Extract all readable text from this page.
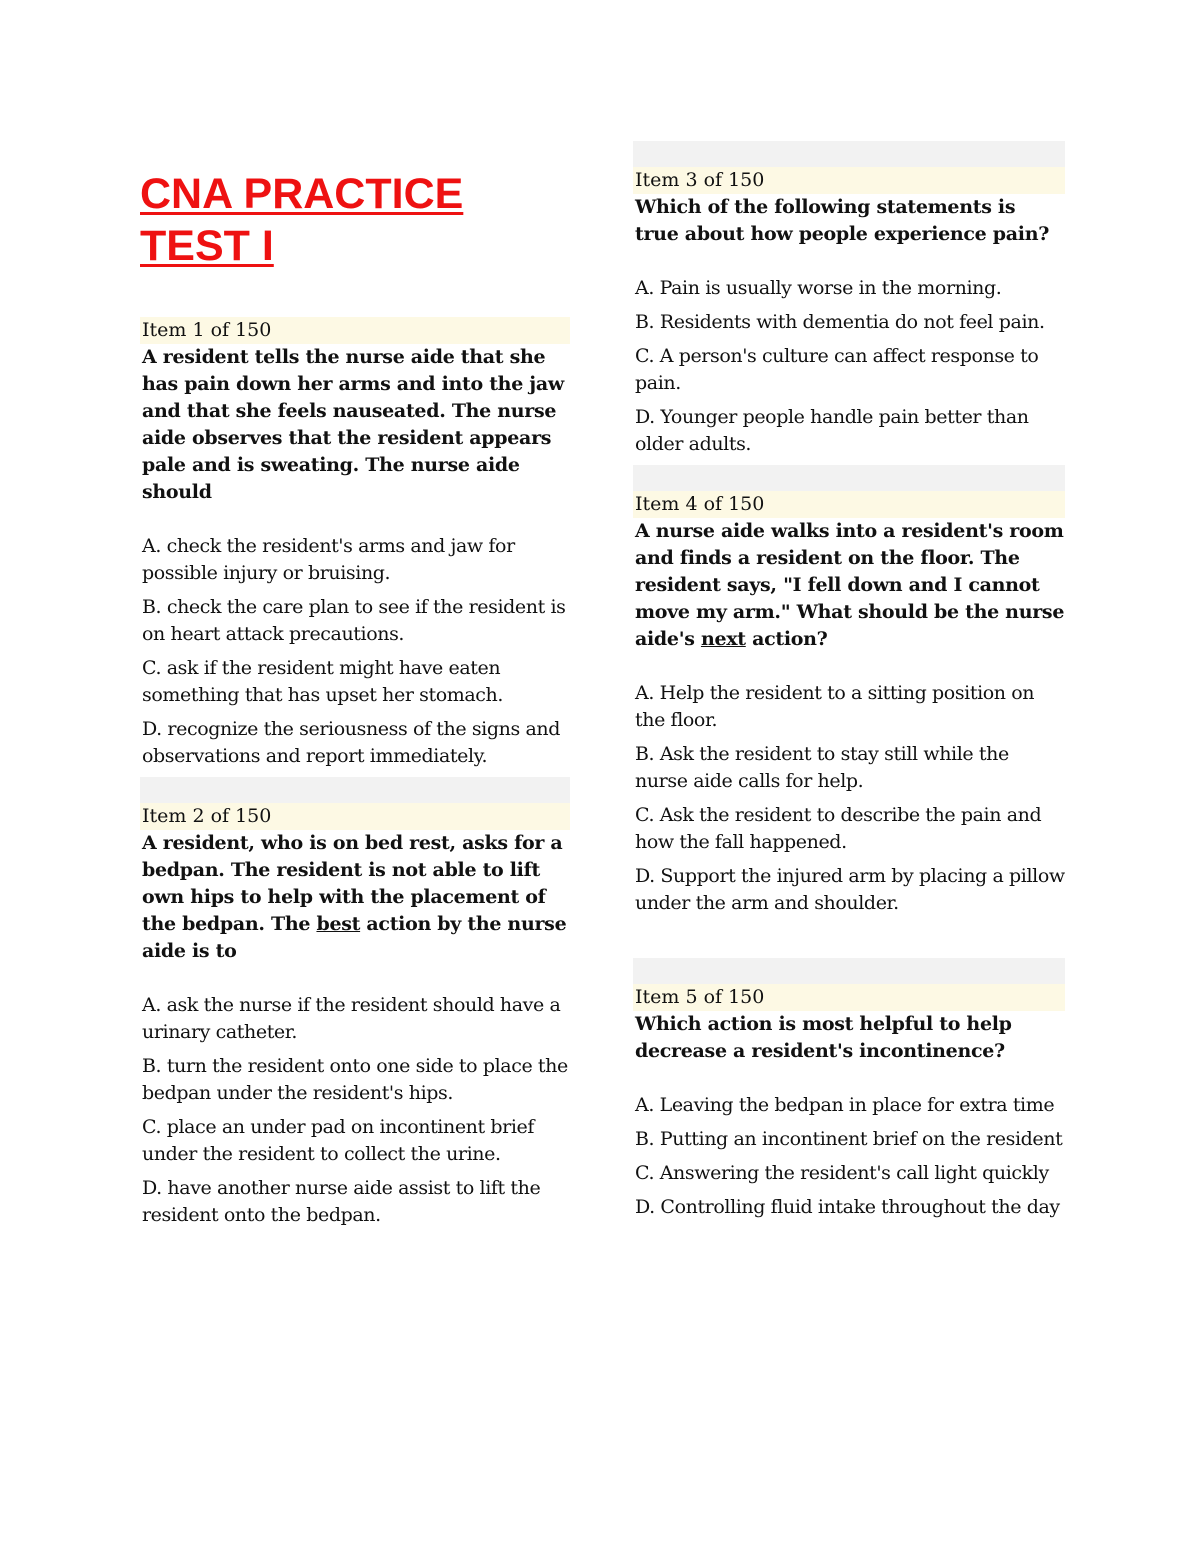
CNA PRACTICE TEST I
Item 1 of 150

A resident tells the nurse aide that she has pain down her arms and into the jaw and that she feels nauseated. The nurse aide observes that the resident appears pale and is sweating. The nurse aide should

A. check the resident's arms and jaw for possible injury or bruising.

B. check the care plan to see if the resident is on heart attack precautions.

C. ask if the resident might have eaten something that has upset her stomach.

D. recognize the seriousness of the signs and observations and report immediately.

Item 2 of 150

A resident, who is on bed rest, asks for a bedpan. The resident is not able to lift own hips to help with the placement of the bedpan. The best action by the nurse aide is to

A. ask the nurse if the resident should have a urinary catheter.

B. turn the resident onto one side to place the bedpan under the resident's hips.

C. place an under pad on incontinent brief under the resident to collect the urine.

D. have another nurse aide assist to lift the resident onto the bedpan.

Item 3 of 150

Which of the following statements is true about how people experience pain?

A. Pain is usually worse in the morning.

B. Residents with dementia do not feel pain.

C. A person's culture can affect response to pain.

D. Younger people handle pain better than older adults.

Item 4 of 150

A nurse aide walks into a resident's room and finds a resident on the floor. The resident says, "I fell down and I cannot move my arm." What should be the nurse aide's next action?

A. Help the resident to a sitting position on the floor.

B. Ask the resident to stay still while the nurse aide calls for help.

C. Ask the resident to describe the pain and how the fall happened.

D. Support the injured arm by placing a pillow under the arm and shoulder.

Item 5 of 150

Which action is most helpful to help decrease a resident's incontinence?

A. Leaving the bedpan in place for extra time

B. Putting an incontinent brief on the resident

C. Answering the resident's call light quickly

D. Controlling fluid intake throughout the day
